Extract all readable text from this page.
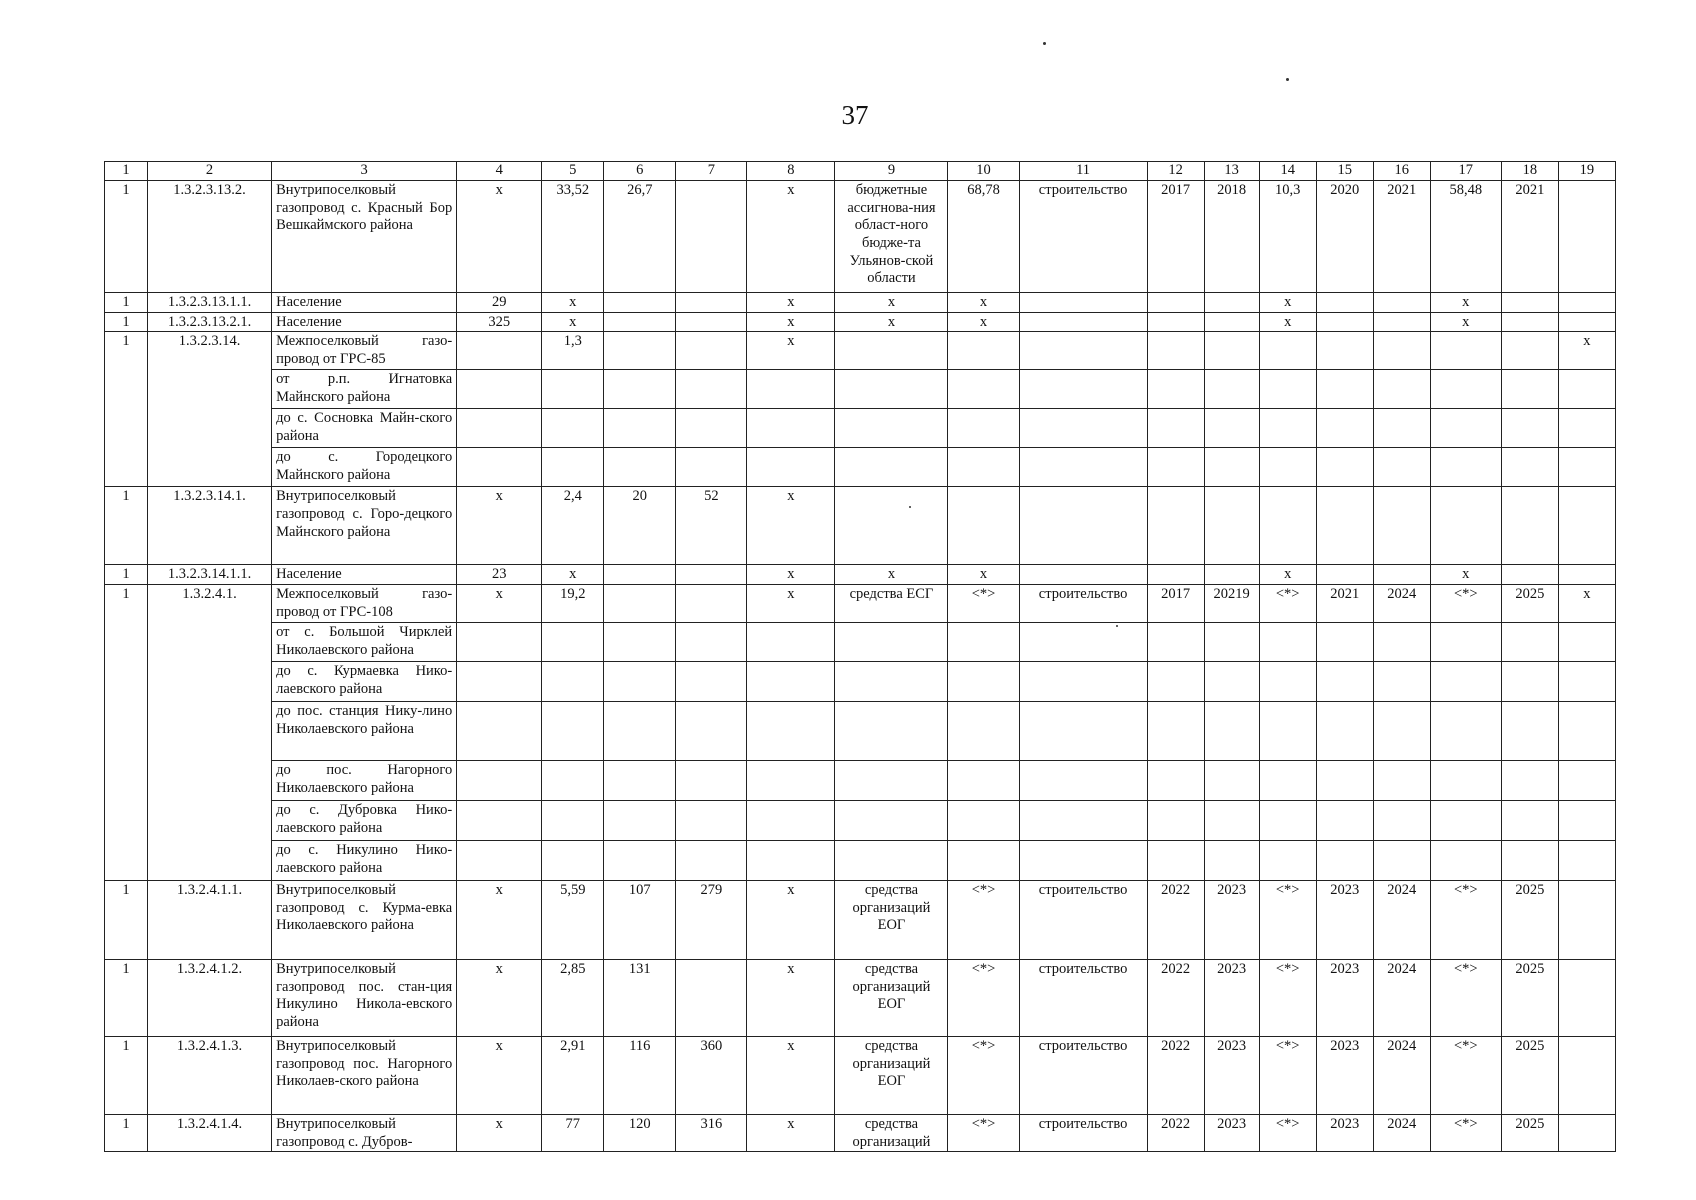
37
1	2	3	4	5	6	7	8	9	10	11	12	13	14	15	16	17	18	19
1	1.3.2.3.13.2.	Внутрипоселковый газопровод с. Красный Бор Вешкаймского района	х	33,52	26,7		х	бюджетные ассигнова-ния област-ного бюдже-та Ульянов-ской области	68,78	строительство	2017	2018	10,3	2020	2021	58,48	2021	
1	1.3.2.3.13.1.1.	Население	29	х			х	х	х				х			х		
1	1.3.2.3.13.2.1.	Население	325	х			х	х	х				х			х		
1	1.3.2.3.14.	Межпоселковый газо-провод от ГРС-85		1,3			х											х
		от р.п. Игнатовка Майнского района																
		до с. Сосновка Майн-ского района																
		до с. Городецкого Майнского района																
1	1.3.2.3.14.1.	Внутрипоселковый газопровод с. Горо-децкого Майнского района	х	2,4	20	52	х											
1	1.3.2.3.14.1.1.	Население	23	х			х	х	х				х			х		
1	1.3.2.4.1.	Межпоселковый газо-провод от ГРС-108	х	19,2			х	средства ЕСГ	<*>	строительство	2017	20219	<*>	2021	2024	<*>	2025	х
		от с. Большой Чирклей Николаевского района																
		до с. Курмаевка Нико-лаевского района																
		до пос. станция Нику-лино Николаевского района																
		до пос. Нагорного Николаевского района																
		до с. Дубровка Нико-лаевского района																
		до с. Никулино Нико-лаевского района																
1	1.3.2.4.1.1.	Внутрипоселковый газопровод с. Курма-евка Николаевского района	х	5,59	107	279	х	средства организаций ЕОГ	<*>	строительство	2022	2023	<*>	2023	2024	<*>	2025	
1	1.3.2.4.1.2.	Внутрипоселковый газопровод пос. стан-ция Никулино Никола-евского района	х	2,85	131		х	средства организаций ЕОГ	<*>	строительство	2022	2023	<*>	2023	2024	<*>	2025	
1	1.3.2.4.1.3.	Внутрипоселковый газопровод пос. Нагорного Николаев-ского района	х	2,91	116	360	х	средства организаций ЕОГ	<*>	строительство	2022	2023	<*>	2023	2024	<*>	2025	
1	1.3.2.4.1.4.	Внутрипоселковый газопровод с. Дубров-	х	77	120	316	х	средства организаций	<*>	строительство	2022	2023	<*>	2023	2024	<*>	2025	
